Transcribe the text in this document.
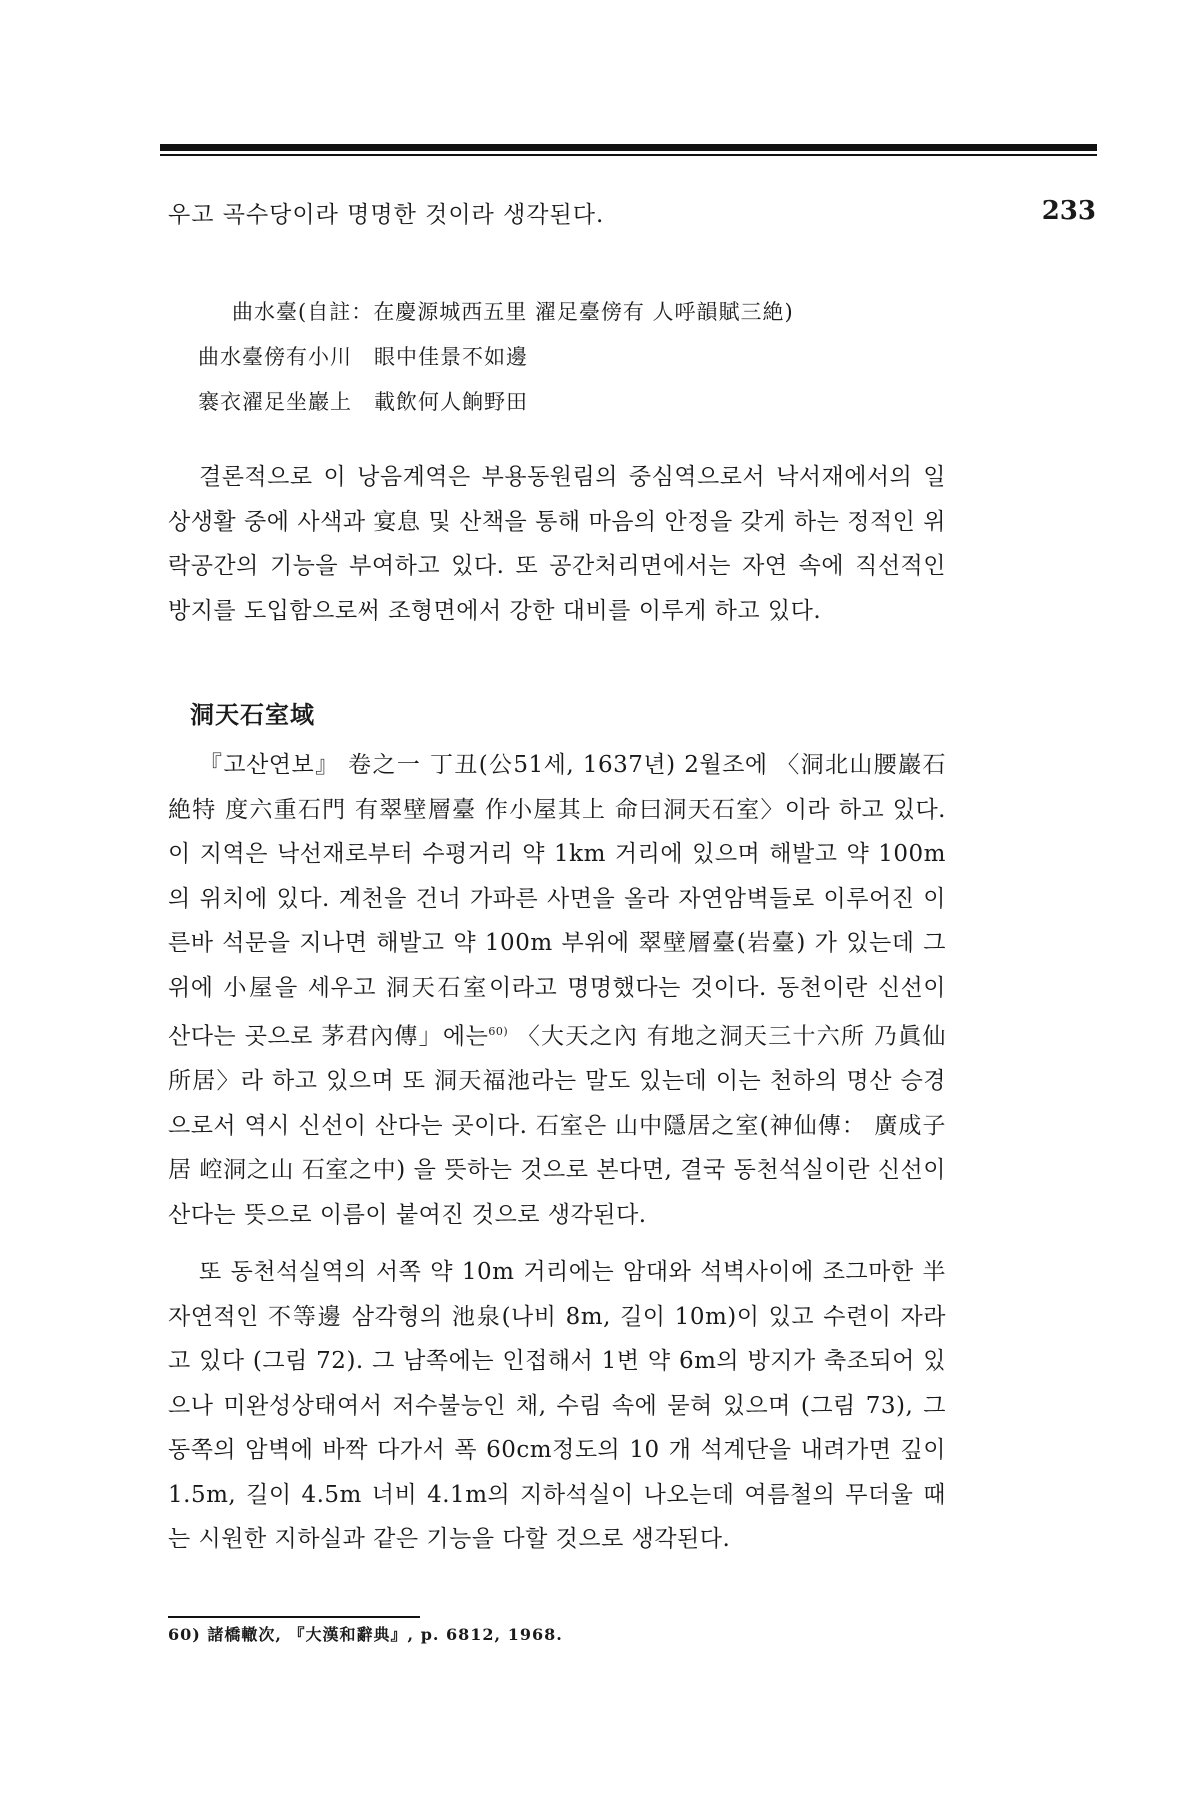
우고 곡수당이라 명명한 것이라 생각된다.	233
曲水臺(自註：在慶源城西五里 濯足臺傍有 人呼韻賦三絶)
曲水臺傍有小川　眼中佳景不如邊
褰衣濯足坐巖上　載飲何人餉野田
결론적으로 이 낭음계역은 부용동원림의 중심역으로서 낙서재에서의 일상생활 중에 사색과 宴息 및 산책을 통해 마음의 안정을 갖게 하는 정적인 위락공간의 기능을 부여하고 있다. 또 공간처리면에서는 자연 속에 직선적인 방지를 도입함으로써 조형면에서 강한 대비를 이루게 하고 있다.
洞天石室域
『고산연보』 卷之一 丁丑(公51세, 1637년) 2월조에 〈洞北山腰巖石絶特 度六重石門 有翠壁層臺 作小屋其上 命曰洞天石室〉이라 하고 있다. 이 지역은 낙선재로부터 수평거리 약 1km 거리에 있으며 해발고 약 100m의 위치에 있다. 계천을 건너 가파른 사면을 올라 자연암벽들로 이루어진 이른바 석문을 지나면 해발고 약 100m 부위에 翠壁層臺(岩臺) 가 있는데 그 위에 小屋을 세우고 洞天石室이라고 명명했다는 것이다. 동천이란 신선이 산다는 곳으로 茅君內傳」에는$^{60)}$ 〈大天之內 有地之洞天三十六所 乃眞仙所居〉라 하고 있으며 또 洞天福池라는 말도 있는데 이는 천하의 명산 승경으로서 역시 신선이 산다는 곳이다. 石室은 山中隱居之室(神仙傳： 廣成子居 崆洞之山 石室之中) 을 뜻하는 것으로 본다면, 결국 동천석실이란 신선이 산다는 뜻으로 이름이 붙여진 것으로 생각된다.
또 동천석실역의 서쪽 약 10m 거리에는 암대와 석벽사이에 조그마한 半자연적인 不等邊 삼각형의 池泉(나비 8m, 길이 10m)이 있고 수련이 자라고 있다 (그림 72). 그 남쪽에는 인접해서 1변 약 6m의 방지가 축조되어 있으나 미완성상태여서 저수불능인 채, 수림 속에 묻혀 있으며 (그림 73), 그 동쪽의 암벽에 바짝 다가서 폭 60cm정도의 10 개 석계단을 내려가면 깊이 1.5m, 길이 4.5m 너비 4.1m의 지하석실이 나오는데 여름철의 무더울 때는 시원한 지하실과 같은 기능을 다할 것으로 생각된다.
60) 諸橋轍次, 『大漢和辭典』, p. 6812, 1968.
